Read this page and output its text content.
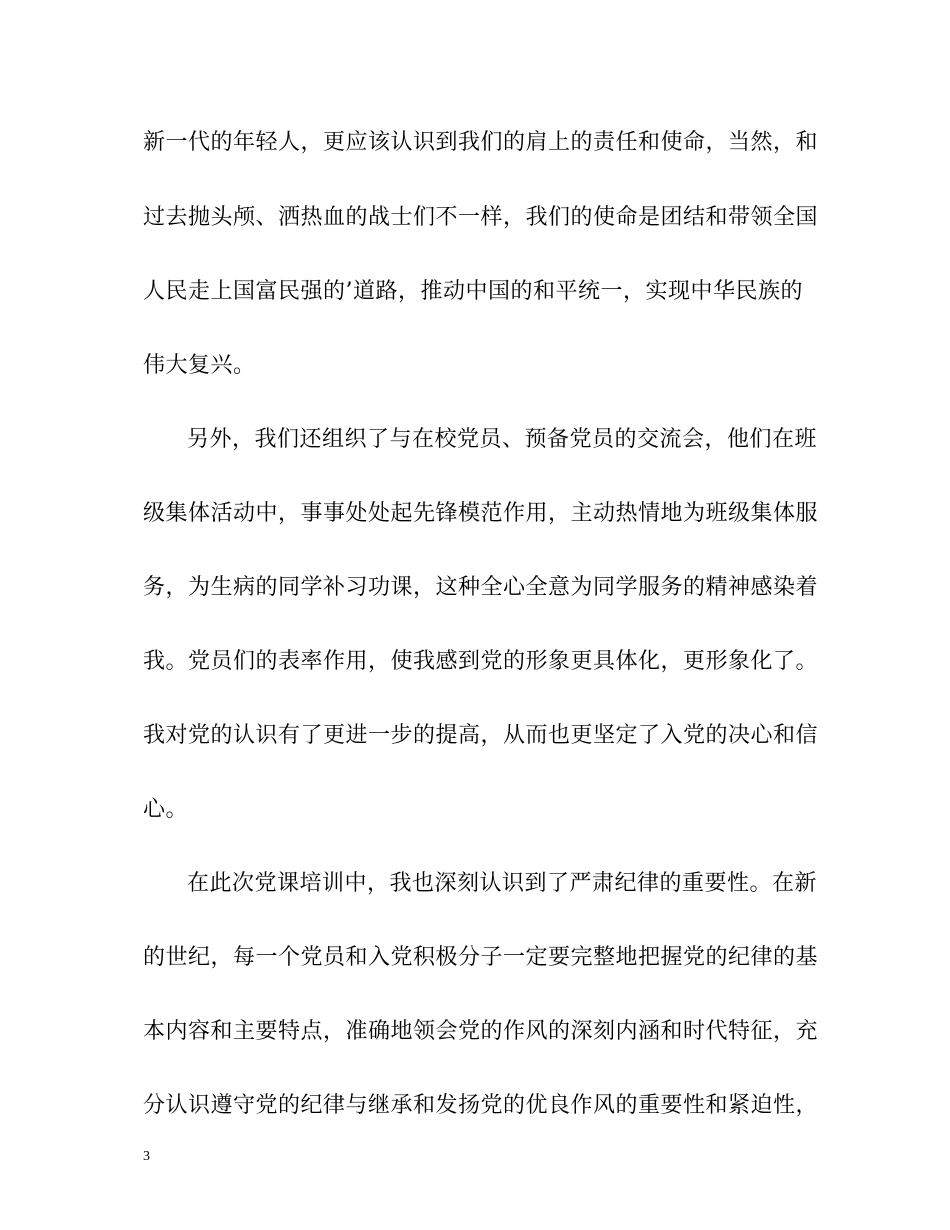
新一代的年轻人，更应该认识到我们的肩上的责任和使命，当然，和
过去抛头颅、洒热血的战士们不一样，我们的使命是团结和带领全国
人民走上国富民强的’道路，推动中国的和平统一，实现中华民族的
伟大复兴。
另外，我们还组织了与在校党员、预备党员的交流会，他们在班
级集体活动中，事事处处起先锋模范作用，主动热情地为班级集体服
务，为生病的同学补习功课，这种全心全意为同学服务的精神感染着
我。党员们的表率作用，使我感到党的形象更具体化，更形象化了。
我对党的认识有了更进一步的提高，从而也更坚定了入党的决心和信
心。
在此次党课培训中，我也深刻认识到了严肃纪律的重要性。在新
的世纪，每一个党员和入党积极分子一定要完整地把握党的纪律的基
本内容和主要特点，准确地领会党的作风的深刻内涵和时代特征，充
分认识遵守党的纪律与继承和发扬党的优良作风的重要性和紧迫性，
3
